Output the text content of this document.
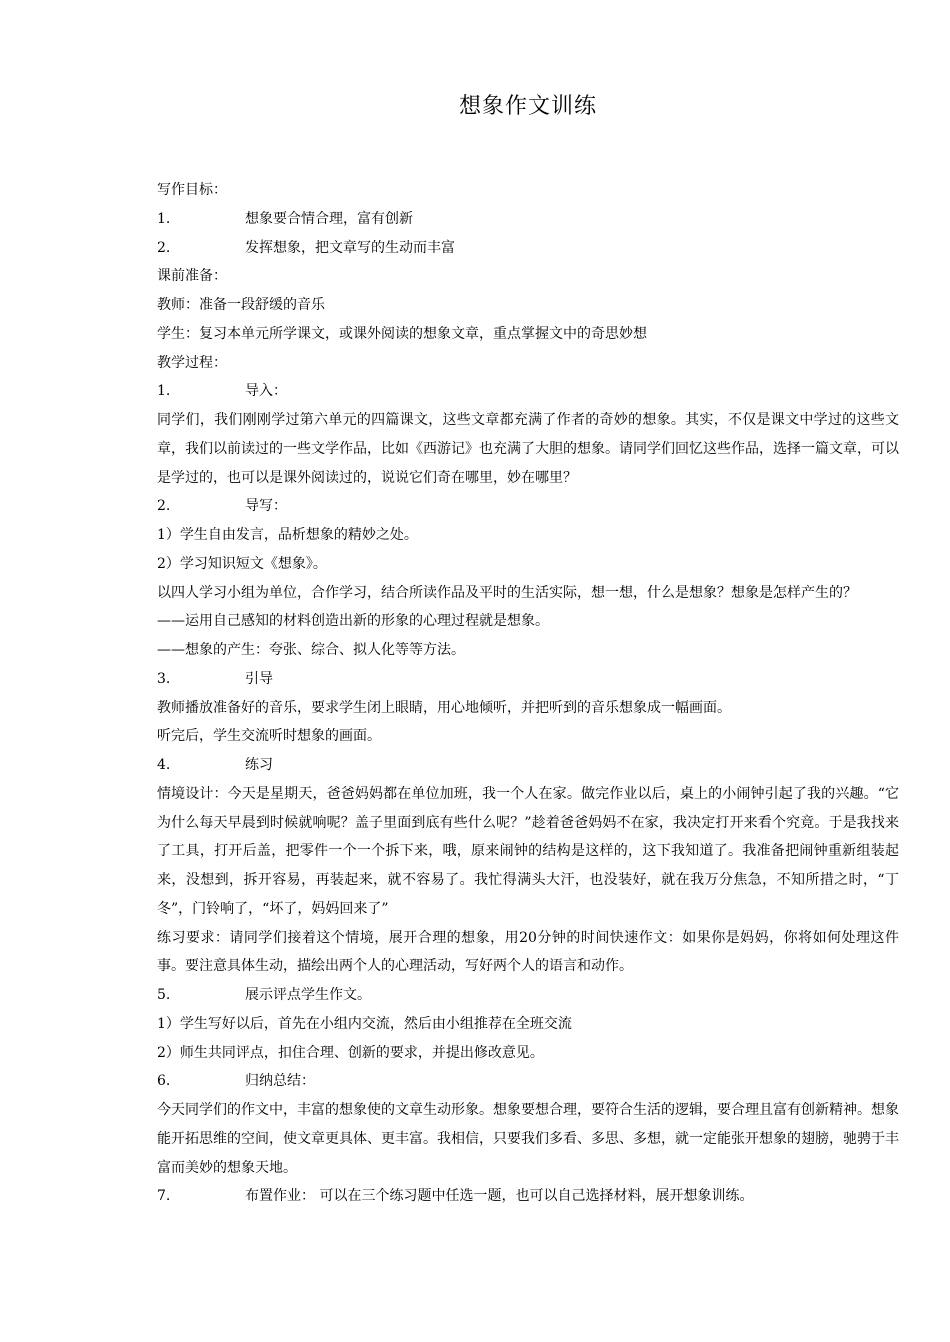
想象作文训练
写作目标：
1.	想象要合情合理，富有创新
2.	发挥想象，把文章写的生动而丰富
课前准备：
教师：准备一段舒缓的音乐
学生：复习本单元所学课文，或课外阅读的想象文章，重点掌握文中的奇思妙想
教学过程：
1.	导入：
同学们，我们刚刚学过第六单元的四篇课文，这些文章都充满了作者的奇妙的想象。其实，不仅是课文中学过的这些文章，我们以前读过的一些文学作品，比如《西游记》也充满了大胆的想象。请同学们回忆这些作品，选择一篇文章，可以是学过的，也可以是课外阅读过的，说说它们奇在哪里，妙在哪里？
2.	导写：
1）学生自由发言，品析想象的精妙之处。
2）学习知识短文《想象》。
以四人学习小组为单位，合作学习，结合所读作品及平时的生活实际，想一想，什么是想象？想象是怎样产生的？
——运用自己感知的材料创造出新的形象的心理过程就是想象。
——想象的产生：夸张、综合、拟人化等等方法。
3.	引导
教师播放准备好的音乐，要求学生闭上眼睛，用心地倾听，并把听到的音乐想象成一幅画面。
听完后，学生交流听时想象的画面。
4.	练习
情境设计：今天是星期天，爸爸妈妈都在单位加班，我一个人在家。做完作业以后，桌上的小闹钟引起了我的兴趣。“它为什么每天早晨到时候就响呢？盖子里面到底有些什么呢？”趁着爸爸妈妈不在家，我决定打开来看个究竟。于是我找来了工具，打开后盖，把零件一个一个拆下来，哦，原来闹钟的结构是这样的，这下我知道了。我准备把闹钟重新组装起来，没想到，拆开容易，再装起来，就不容易了。我忙得满头大汗，也没装好，就在我万分焦急，不知所措之时，“丁冬”，门铃响了，“坏了，妈妈回来了”
练习要求：请同学们接着这个情境，展开合理的想象，用20分钟的时间快速作文：如果你是妈妈，你将如何处理这件事。要注意具体生动，描绘出两个人的心理活动，写好两个人的语言和动作。
5.	展示评点学生作文。
1）学生写好以后，首先在小组内交流，然后由小组推荐在全班交流
2）师生共同评点，扣住合理、创新的要求，并提出修改意见。
6.	归纳总结：
今天同学们的作文中，丰富的想象使的文章生动形象。想象要想合理，要符合生活的逻辑，要合理且富有创新精神。想象能开拓思维的空间，使文章更具体、更丰富。我相信，只要我们多看、多思、多想，就一定能张开想象的翅膀，驰骋于丰富而美妙的想象天地。
7.	布置作业： 可以在三个练习题中任选一题，也可以自己选择材料，展开想象训练。
